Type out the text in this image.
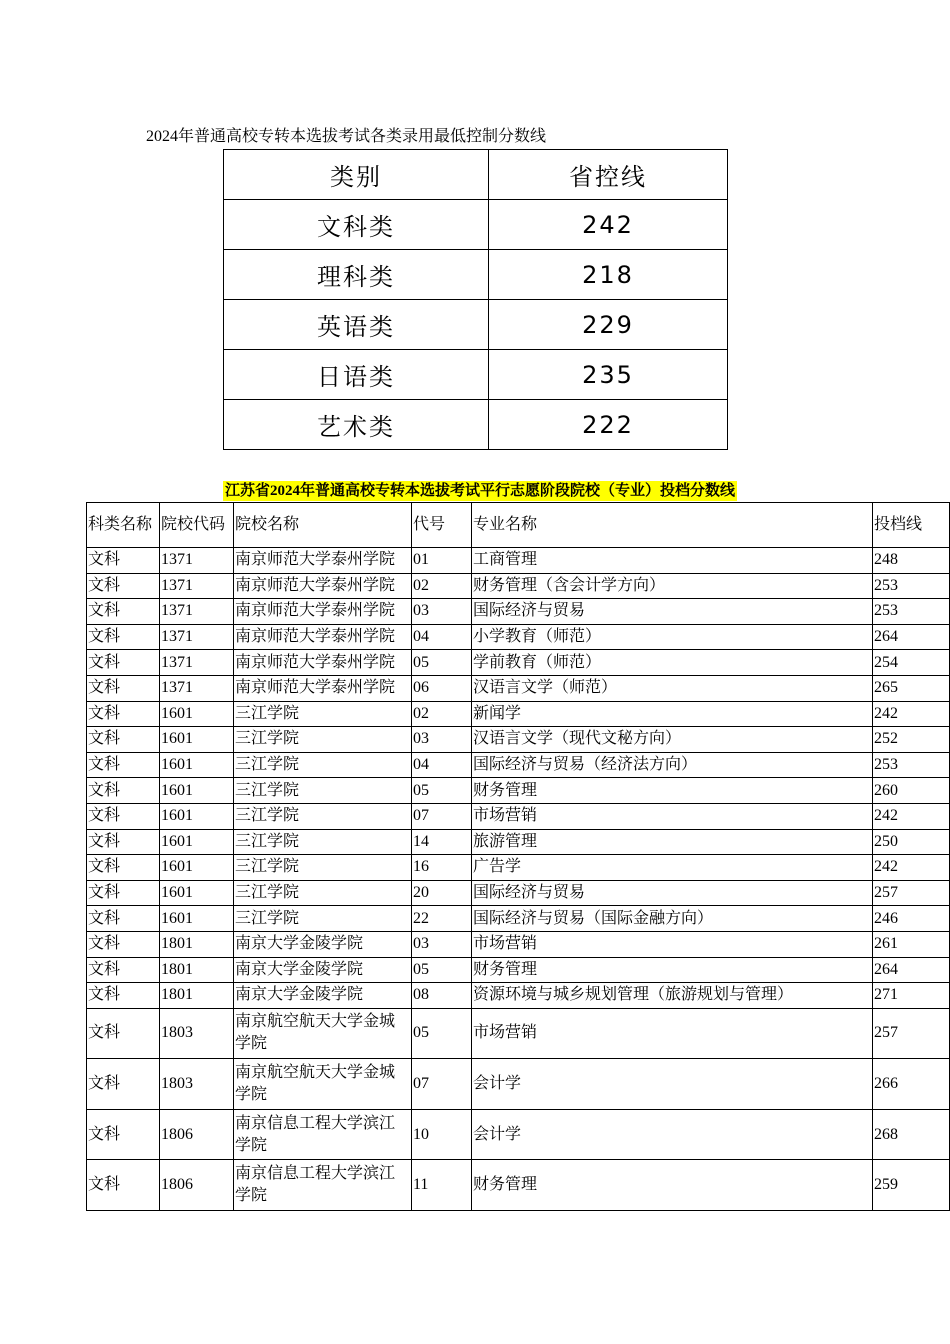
2024年普通高校专转本选拔考试各类录用最低控制分数线
类别	省控线
文科类	242
理科类	218
英语类	229
日语类	235
艺术类	222
江苏省2024年普通高校专转本选拔考试平行志愿阶段院校（专业）投档分数线
科类名称	院校代码	院校名称	代号	专业名称	投档线
文科	1371	南京师范大学泰州学院	01	工商管理	248
文科	1371	南京师范大学泰州学院	02	财务管理（含会计学方向）	253
文科	1371	南京师范大学泰州学院	03	国际经济与贸易	253
文科	1371	南京师范大学泰州学院	04	小学教育（师范）	264
文科	1371	南京师范大学泰州学院	05	学前教育（师范）	254
文科	1371	南京师范大学泰州学院	06	汉语言文学（师范）	265
文科	1601	三江学院	02	新闻学	242
文科	1601	三江学院	03	汉语言文学（现代文秘方向）	252
文科	1601	三江学院	04	国际经济与贸易（经济法方向）	253
文科	1601	三江学院	05	财务管理	260
文科	1601	三江学院	07	市场营销	242
文科	1601	三江学院	14	旅游管理	250
文科	1601	三江学院	16	广告学	242
文科	1601	三江学院	20	国际经济与贸易	257
文科	1601	三江学院	22	国际经济与贸易（国际金融方向）	246
文科	1801	南京大学金陵学院	03	市场营销	261
文科	1801	南京大学金陵学院	05	财务管理	264
文科	1801	南京大学金陵学院	08	资源环境与城乡规划管理（旅游规划与管理）	271
文科	1803	南京航空航天大学金城学院	05	市场营销	257
文科	1803	南京航空航天大学金城学院	07	会计学	266
文科	1806	南京信息工程大学滨江学院	10	会计学	268
文科	1806	南京信息工程大学滨江学院	11	财务管理	259
